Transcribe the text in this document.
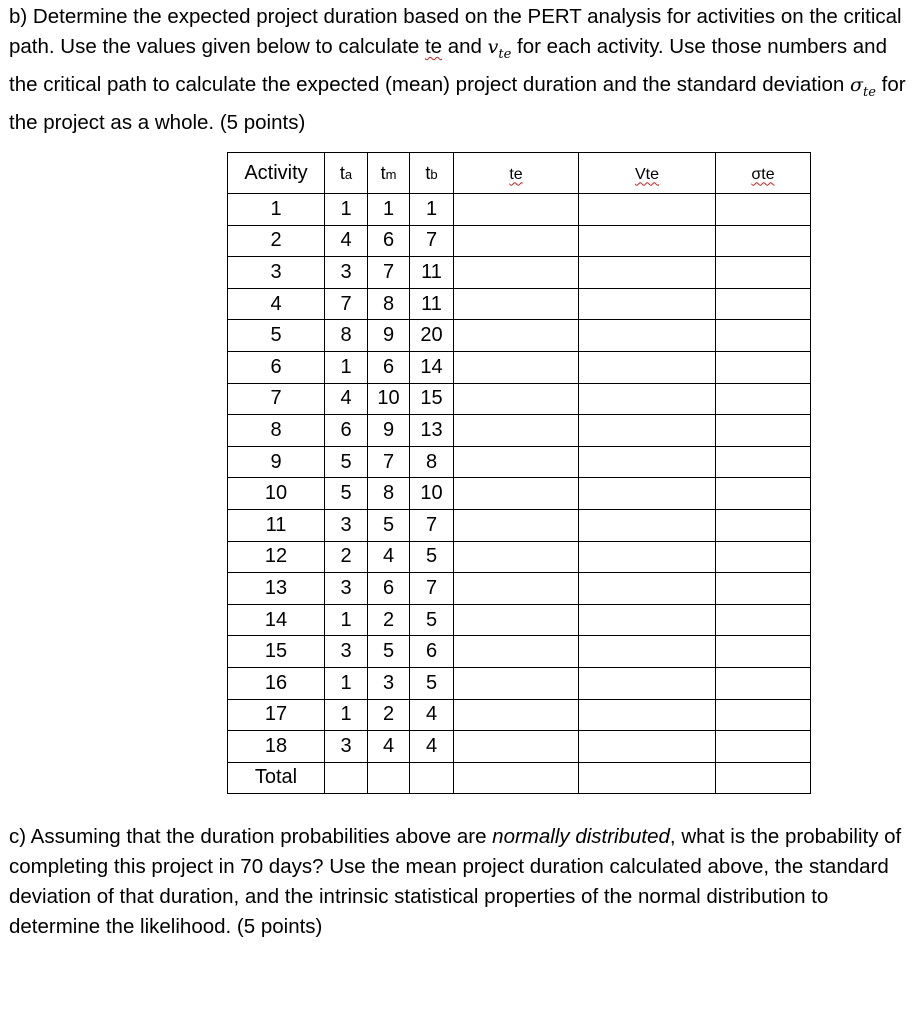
b) Determine the expected project duration based on the PERT analysis for activities on the critical path. Use the values given below to calculate te and $v_{te}$ for each activity. Use those numbers and the critical path to calculate the expected (mean) project duration and the standard deviation $\sigma_{te}$ for the project as a whole. (5 points)

Activity	ta	tm	tb	te	Vte	σte
1	1	1	1			
2	4	6	7			
3	3	7	11			
4	7	8	11			
5	8	9	20			
6	1	6	14			
7	4	10	15			
8	6	9	13			
9	5	7	8			
10	5	8	10			
11	3	5	7			
12	2	4	5			
13	3	6	7			
14	1	2	5			
15	3	5	6			
16	1	3	5			
17	1	2	4			
18	3	4	4			
Total						

c) Assuming that the duration probabilities above are normally distributed, what is the probability of completing this project in 70 days? Use the mean project duration calculated above, the standard deviation of that duration, and the intrinsic statistical properties of the normal distribution to determine the likelihood. (5 points)
